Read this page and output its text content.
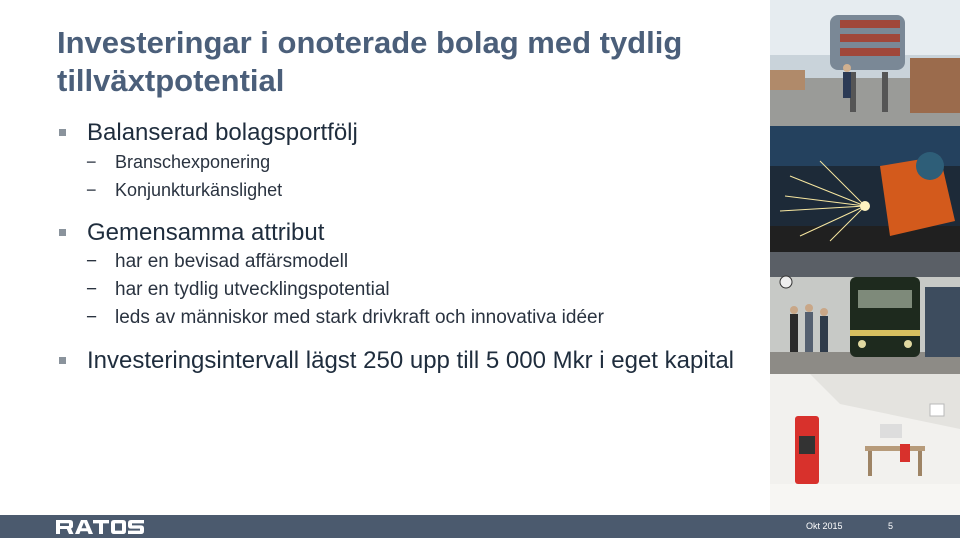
Investeringar i onoterade bolag med tydlig tillväxtpotential
Balanserad bolagsportfölj
− Branschexponering
− Konjunkturkänslighet
Gemensamma attribut
− har en bevisad affärsmodell
− har en tydlig utvecklingspotential
− leds av människor med stark drivkraft och innovativa idéer
Investeringsintervall lägst 250 upp till 5 000 Mkr i eget kapital
Okt 2015	5
